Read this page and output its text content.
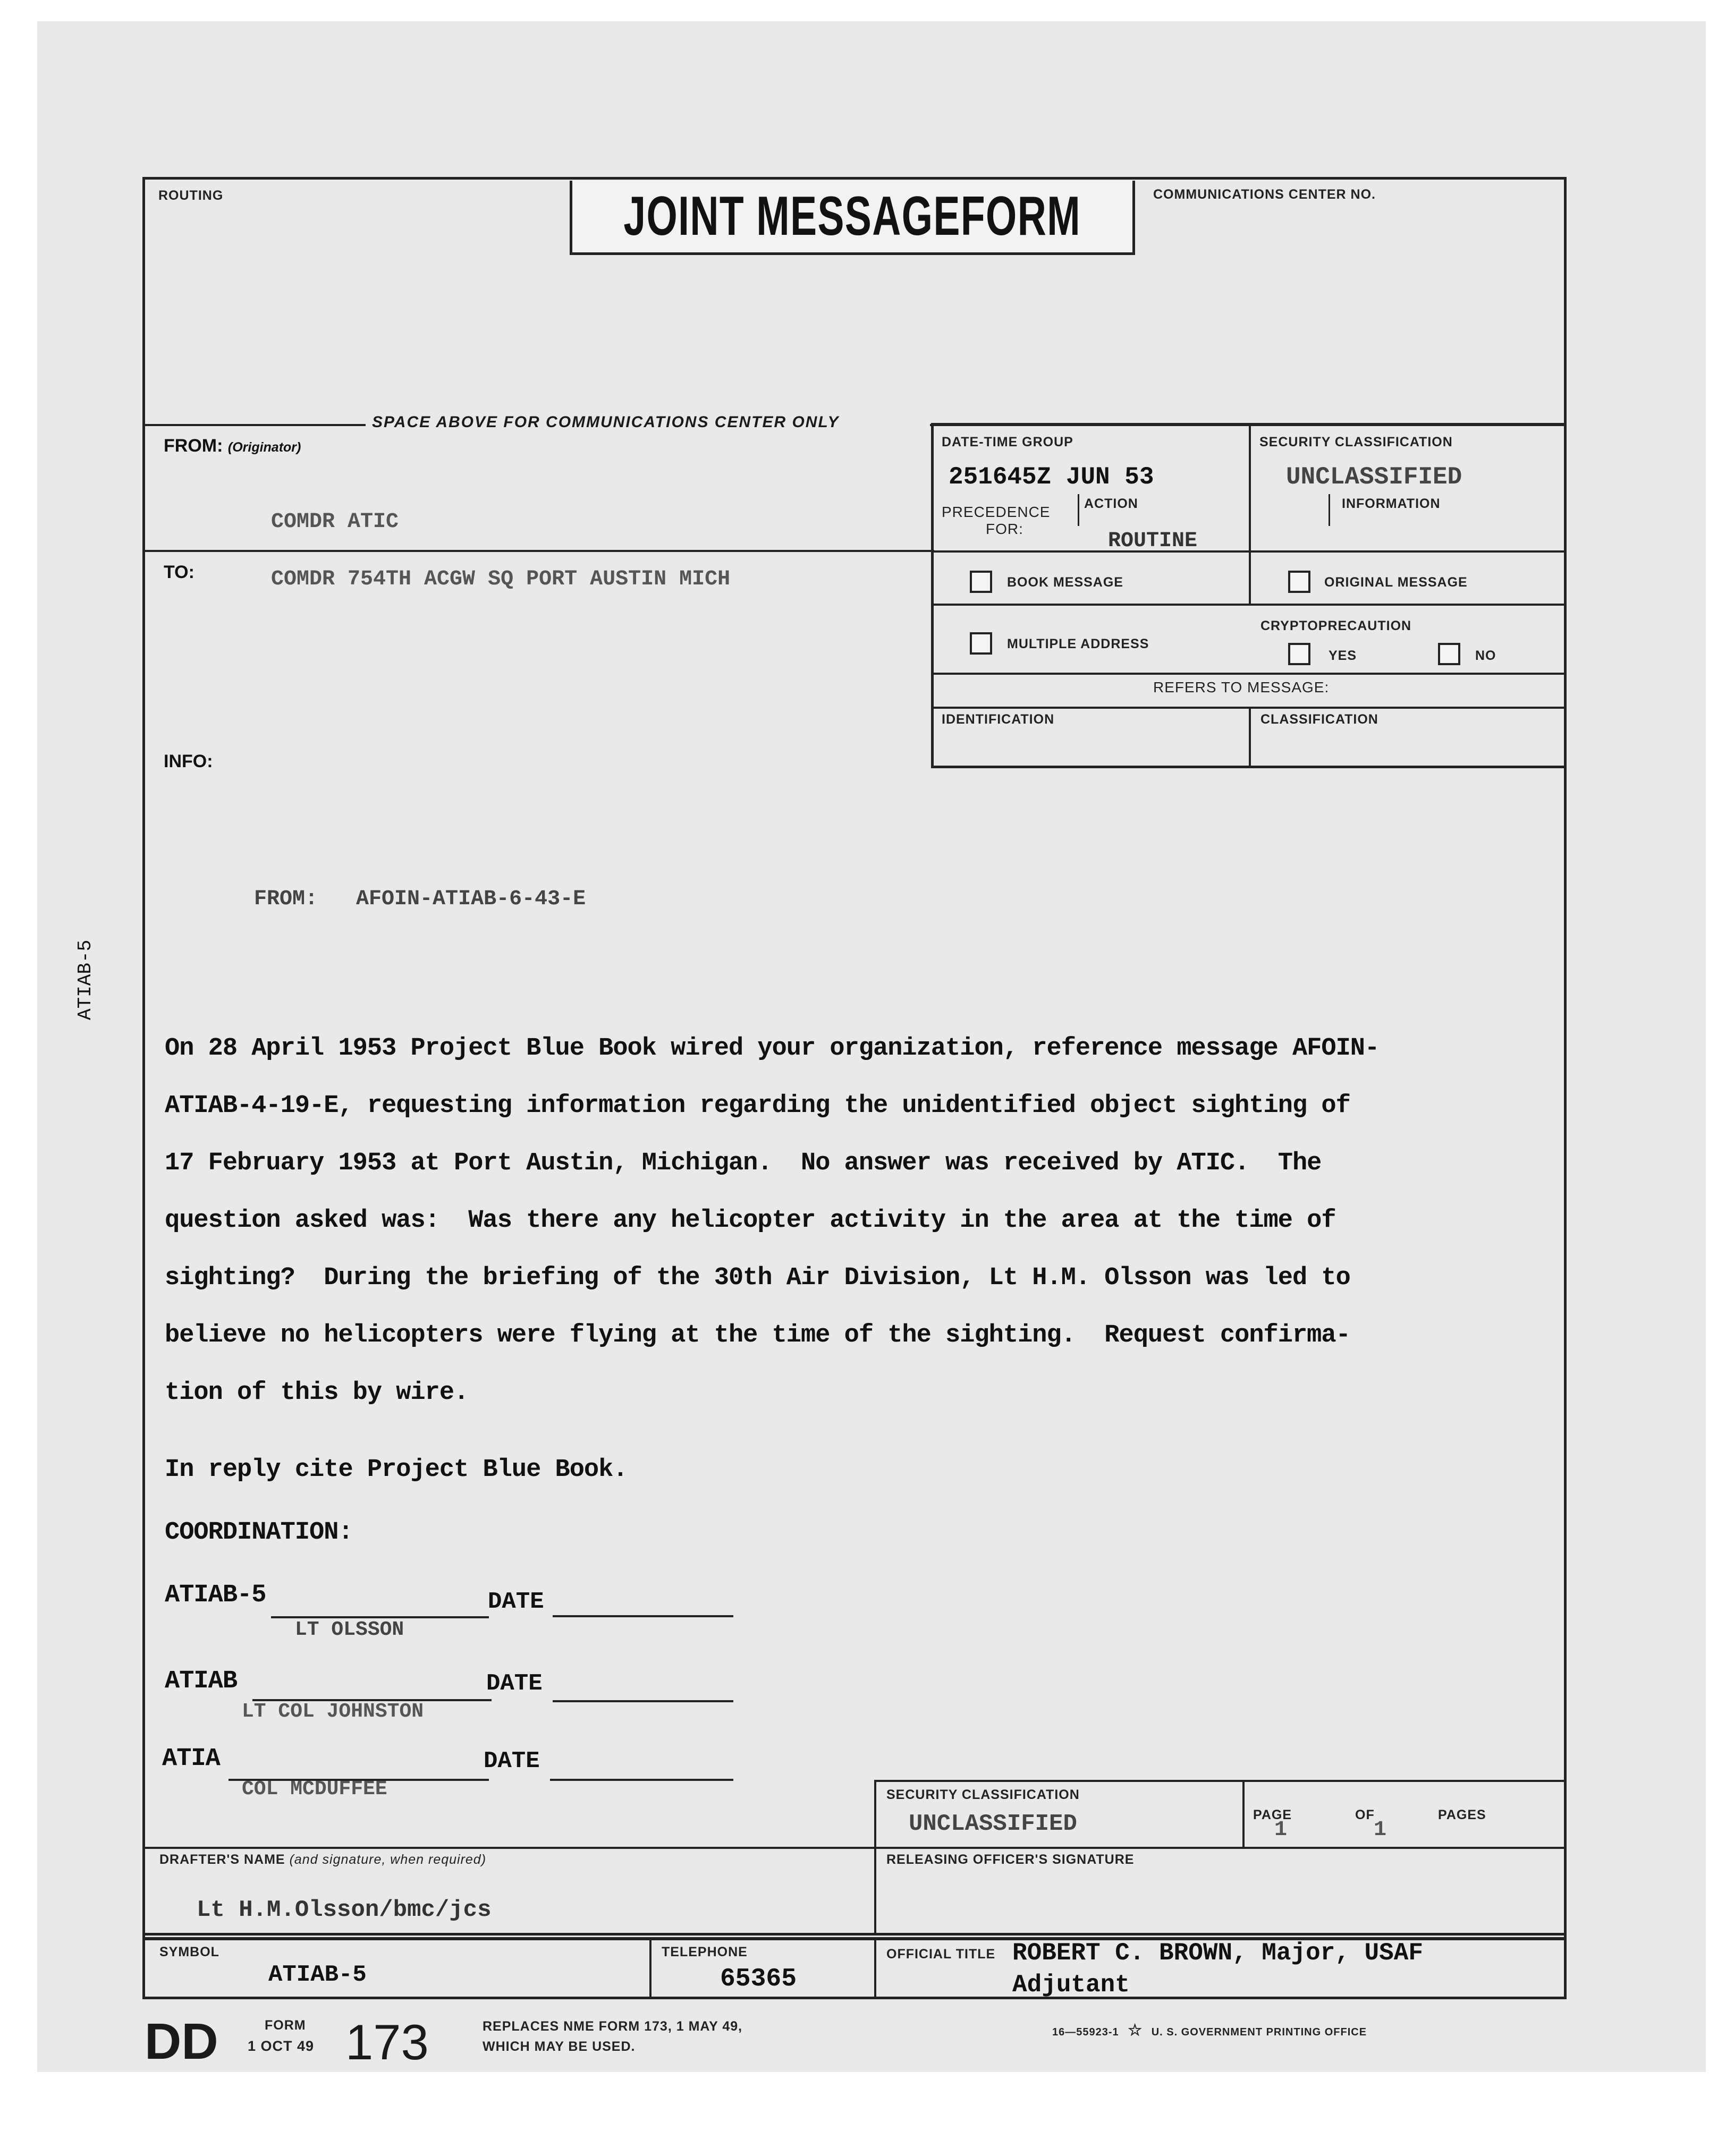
ATIAB-5
ROUTING	COMMUNICATIONS CENTER NO.
JOINT MESSAGEFORM
SPACE ABOVE FOR COMMUNICATIONS CENTER ONLY
FROM: (Originator)
COMDR ATIC
TO:	COMDR 754TH ACGW SQ PORT AUSTIN MICH
INFO:
DATE-TIME GROUP
251645Z JUN 53
SECURITY CLASSIFICATION
UNCLASSIFIED
PRECEDENCE
FOR:
ACTION	INFORMATION
ROUTINE
BOOK MESSAGE	ORIGINAL MESSAGE
MULTIPLE ADDRESS
CRYPTOPRECAUTION
YES	NO
REFERS TO MESSAGE:
IDENTIFICATION	CLASSIFICATION
FROM:   AFOIN-ATIAB-6-43-E
On 28 April 1953 Project Blue Book wired your organization, reference message AFOIN-
ATIAB-4-19-E, requesting information regarding the unidentified object sighting of
17 February 1953 at Port Austin, Michigan.  No answer was received by ATIC.  The
question asked was:  Was there any helicopter activity in the area at the time of
sighting?  During the briefing of the 30th Air Division, Lt H.M. Olsson was led to
believe no helicopters were flying at the time of the sighting.  Request confirma-
tion of this by wire.
In reply cite Project Blue Book.
COORDINATION:
ATIAB-5
LT OLSSON
DATE
ATIAB
LT COL JOHNSTON
DATE
ATIA
COL MCDUFFEE
DATE
SECURITY CLASSIFICATION
UNCLASSIFIED	PAGE
1
OF
1
PAGES
DRAFTER'S NAME (and signature, when required)
Lt H.M.Olsson/bmc/jcs
RELEASING OFFICER'S SIGNATURE
SYMBOL
ATIAB-5
TELEPHONE
65365
OFFICIAL TITLE ROBERT C. BROWN, Major, USAF
Adjutant
DD	FORM
1 OCT 49 173	REPLACES NME FORM 173, 1 MAY 49,
WHICH MAY BE USED.
16—55923-1 ☆ U. S. GOVERNMENT PRINTING OFFICE
